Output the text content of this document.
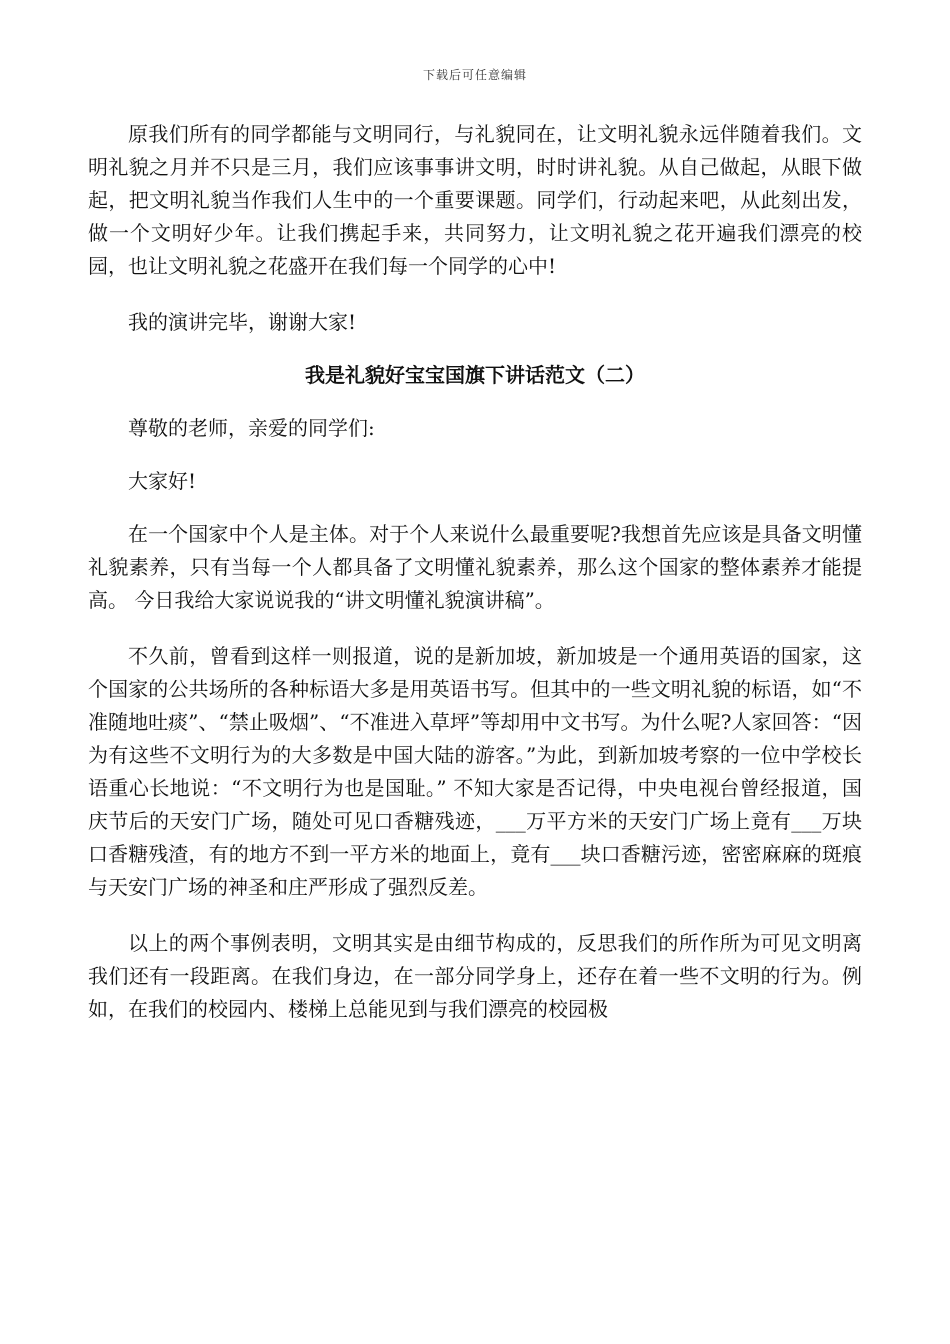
下载后可任意编辑

原我们所有的同学都能与文明同行，与礼貌同在，让文明礼貌永远伴随着我们。文明礼貌之月并不只是三月，我们应该事事讲文明，时时讲礼貌。从自己做起，从眼下做起，把文明礼貌当作我们人生中的一个重要课题。同学们，行动起来吧，从此刻出发，做一个文明好少年。让我们携起手来，共同努力，让文明礼貌之花开遍我们漂亮的校园，也让文明礼貌之花盛开在我们每一个同学的心中!

我的演讲完毕，谢谢大家!

我是礼貌好宝宝国旗下讲话范文（二）

尊敬的老师，亲爱的同学们:

大家好!

在一个国家中个人是主体。对于个人来说什么最重要呢?我想首先应该是具备文明懂礼貌素养，只有当每一个人都具备了文明懂礼貌素养，那么这个国家的整体素养才能提高。 今日我给大家说说我的“讲文明懂礼貌演讲稿”。

不久前，曾看到这样一则报道，说的是新加坡，新加坡是一个通用英语的国家，这个国家的公共场所的各种标语大多是用英语书写。但其中的一些文明礼貌的标语，如“不准随地吐痰”、“禁止吸烟”、“不准进入草坪”等却用中文书写。为什么呢?人家回答：“因为有这些不文明行为的大多数是中国大陆的游客。”为此，到新加坡考察的一位中学校长语重心长地说：“不文明行为也是国耻。” 不知大家是否记得，中央电视台曾经报道，国庆节后的天安门广场，随处可见口香糖残迹，___万平方米的天安门广场上竟有___万块口香糖残渣，有的地方不到一平方米的地面上，竟有___块口香糖污迹，密密麻麻的斑痕与天安门广场的神圣和庄严形成了强烈反差。

以上的两个事例表明，文明其实是由细节构成的，反思我们的所作所为可见文明离我们还有一段距离。在我们身边，在一部分同学身上，还存在着一些不文明的行为。例如，在我们的校园内、楼梯上总能见到与我们漂亮的校园极
